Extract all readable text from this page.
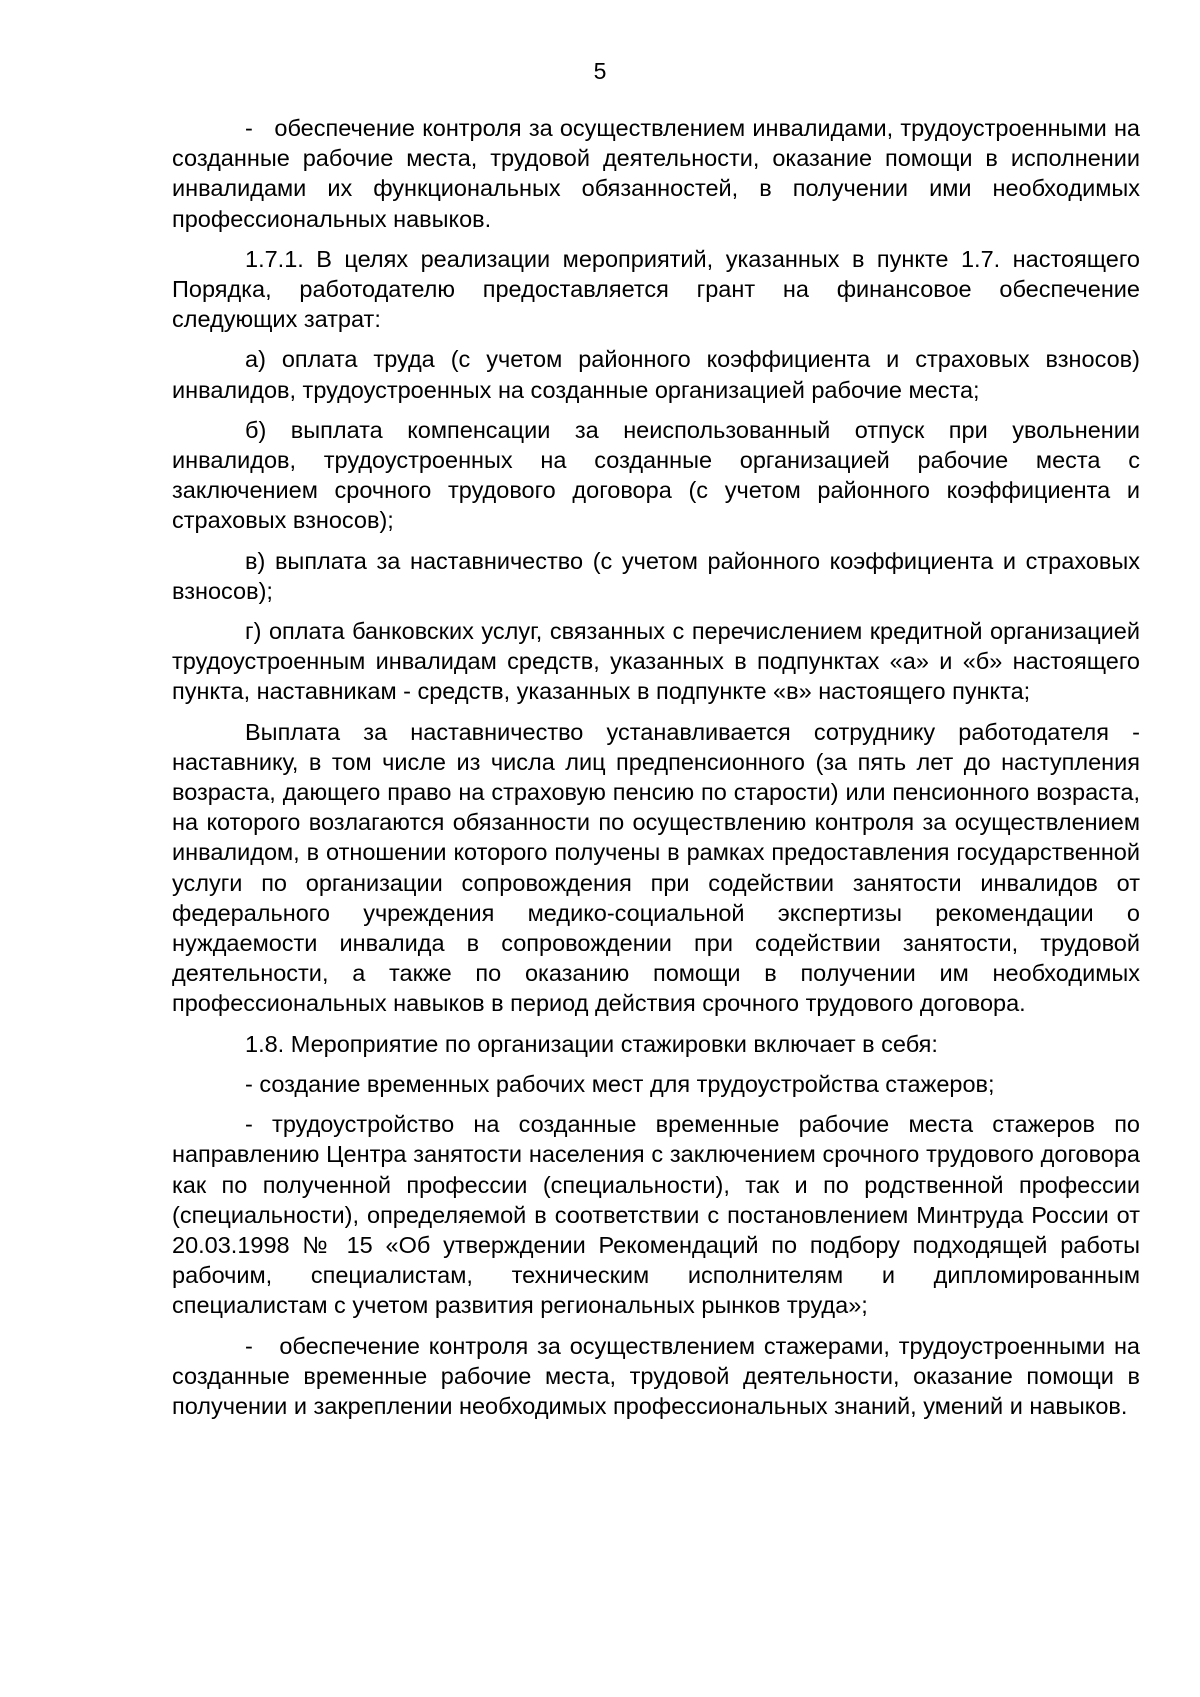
5

-   обеспечение контроля за осуществлением инвалидами, трудоустроенными на созданные рабочие места, трудовой деятельности, оказание помощи в исполнении инвалидами их функциональных обязанностей, в получении ими необходимых профессиональных навыков.

1.7.1. В целях реализации мероприятий, указанных в пункте 1.7. настоящего Порядка, работодателю предоставляется грант на финансовое обеспечение следующих затрат:

а) оплата труда (с учетом районного коэффициента и страховых взносов) инвалидов, трудоустроенных на созданные организацией рабочие места;

б) выплата компенсации за неиспользованный отпуск при увольнении инвалидов, трудоустроенных на созданные организацией рабочие места с заключением срочного трудового договора (с учетом районного коэффициента и страховых взносов);

в) выплата за наставничество (с учетом районного коэффициента и страховых взносов);

г) оплата банковских услуг, связанных с перечислением кредитной организацией трудоустроенным инвалидам средств, указанных в подпунктах «а» и «б» настоящего пункта, наставникам - средств, указанных в подпункте «в» настоящего пункта;

Выплата за наставничество устанавливается сотруднику работодателя - наставнику, в том числе из числа лиц предпенсионного (за пять лет до наступления возраста, дающего право на страховую пенсию по старости) или пенсионного возраста, на которого возлагаются обязанности по осуществлению контроля за осуществлением инвалидом, в отношении которого получены в рамках предоставления государственной услуги по организации сопровождения при содействии занятости инвалидов от федерального учреждения медико-социальной экспертизы рекомендации о нуждаемости инвалида в сопровождении при содействии занятости, трудовой деятельности, а также по оказанию помощи в получении им необходимых профессиональных навыков в период действия срочного трудового договора.

1.8. Мероприятие по организации стажировки включает в себя:

- создание временных рабочих мест для трудоустройства стажеров;

- трудоустройство на созданные временные рабочие места стажеров по направлению Центра занятости населения с заключением срочного трудового договора как по полученной профессии (специальности), так и по родственной профессии (специальности), определяемой в соответствии с постановлением Минтруда России от 20.03.1998 № 15 «Об утверждении Рекомендаций по подбору подходящей работы рабочим, специалистам, техническим исполнителям и дипломированным специалистам с учетом развития региональных рынков труда»;

-   обеспечение контроля за осуществлением стажерами, трудоустроенными на созданные временные рабочие места, трудовой деятельности, оказание помощи в получении и закреплении необходимых профессиональных знаний, умений и навыков.
